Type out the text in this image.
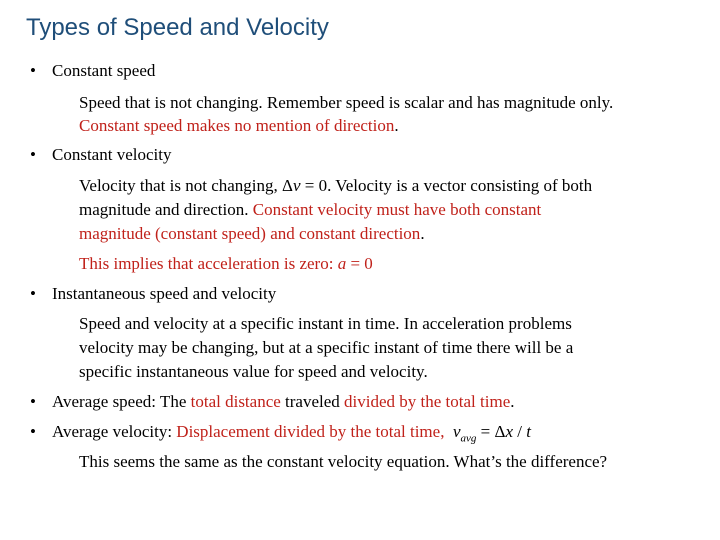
Types of Speed and Velocity
• Constant speed
Speed that is not changing. Remember speed is scalar and has magnitude only.
Constant speed makes no mention of direction.
• Constant velocity
Velocity that is not changing, Δv = 0. Velocity is a vector consisting of both
magnitude and direction. Constant velocity must have both constant
magnitude (constant speed) and constant direction.
This implies that acceleration is zero: a = 0
• Instantaneous speed and velocity
Speed and velocity at a specific instant in time. In acceleration problems
velocity may be changing, but at a specific instant of time there will be a
specific instantaneous value for speed and velocity.
• Average speed: The total distance traveled divided by the total time.
• Average velocity: Displacement divided by the total time, $v_{avg} = \Delta x / t$
This seems the same as the constant velocity equation. What’s the difference?
